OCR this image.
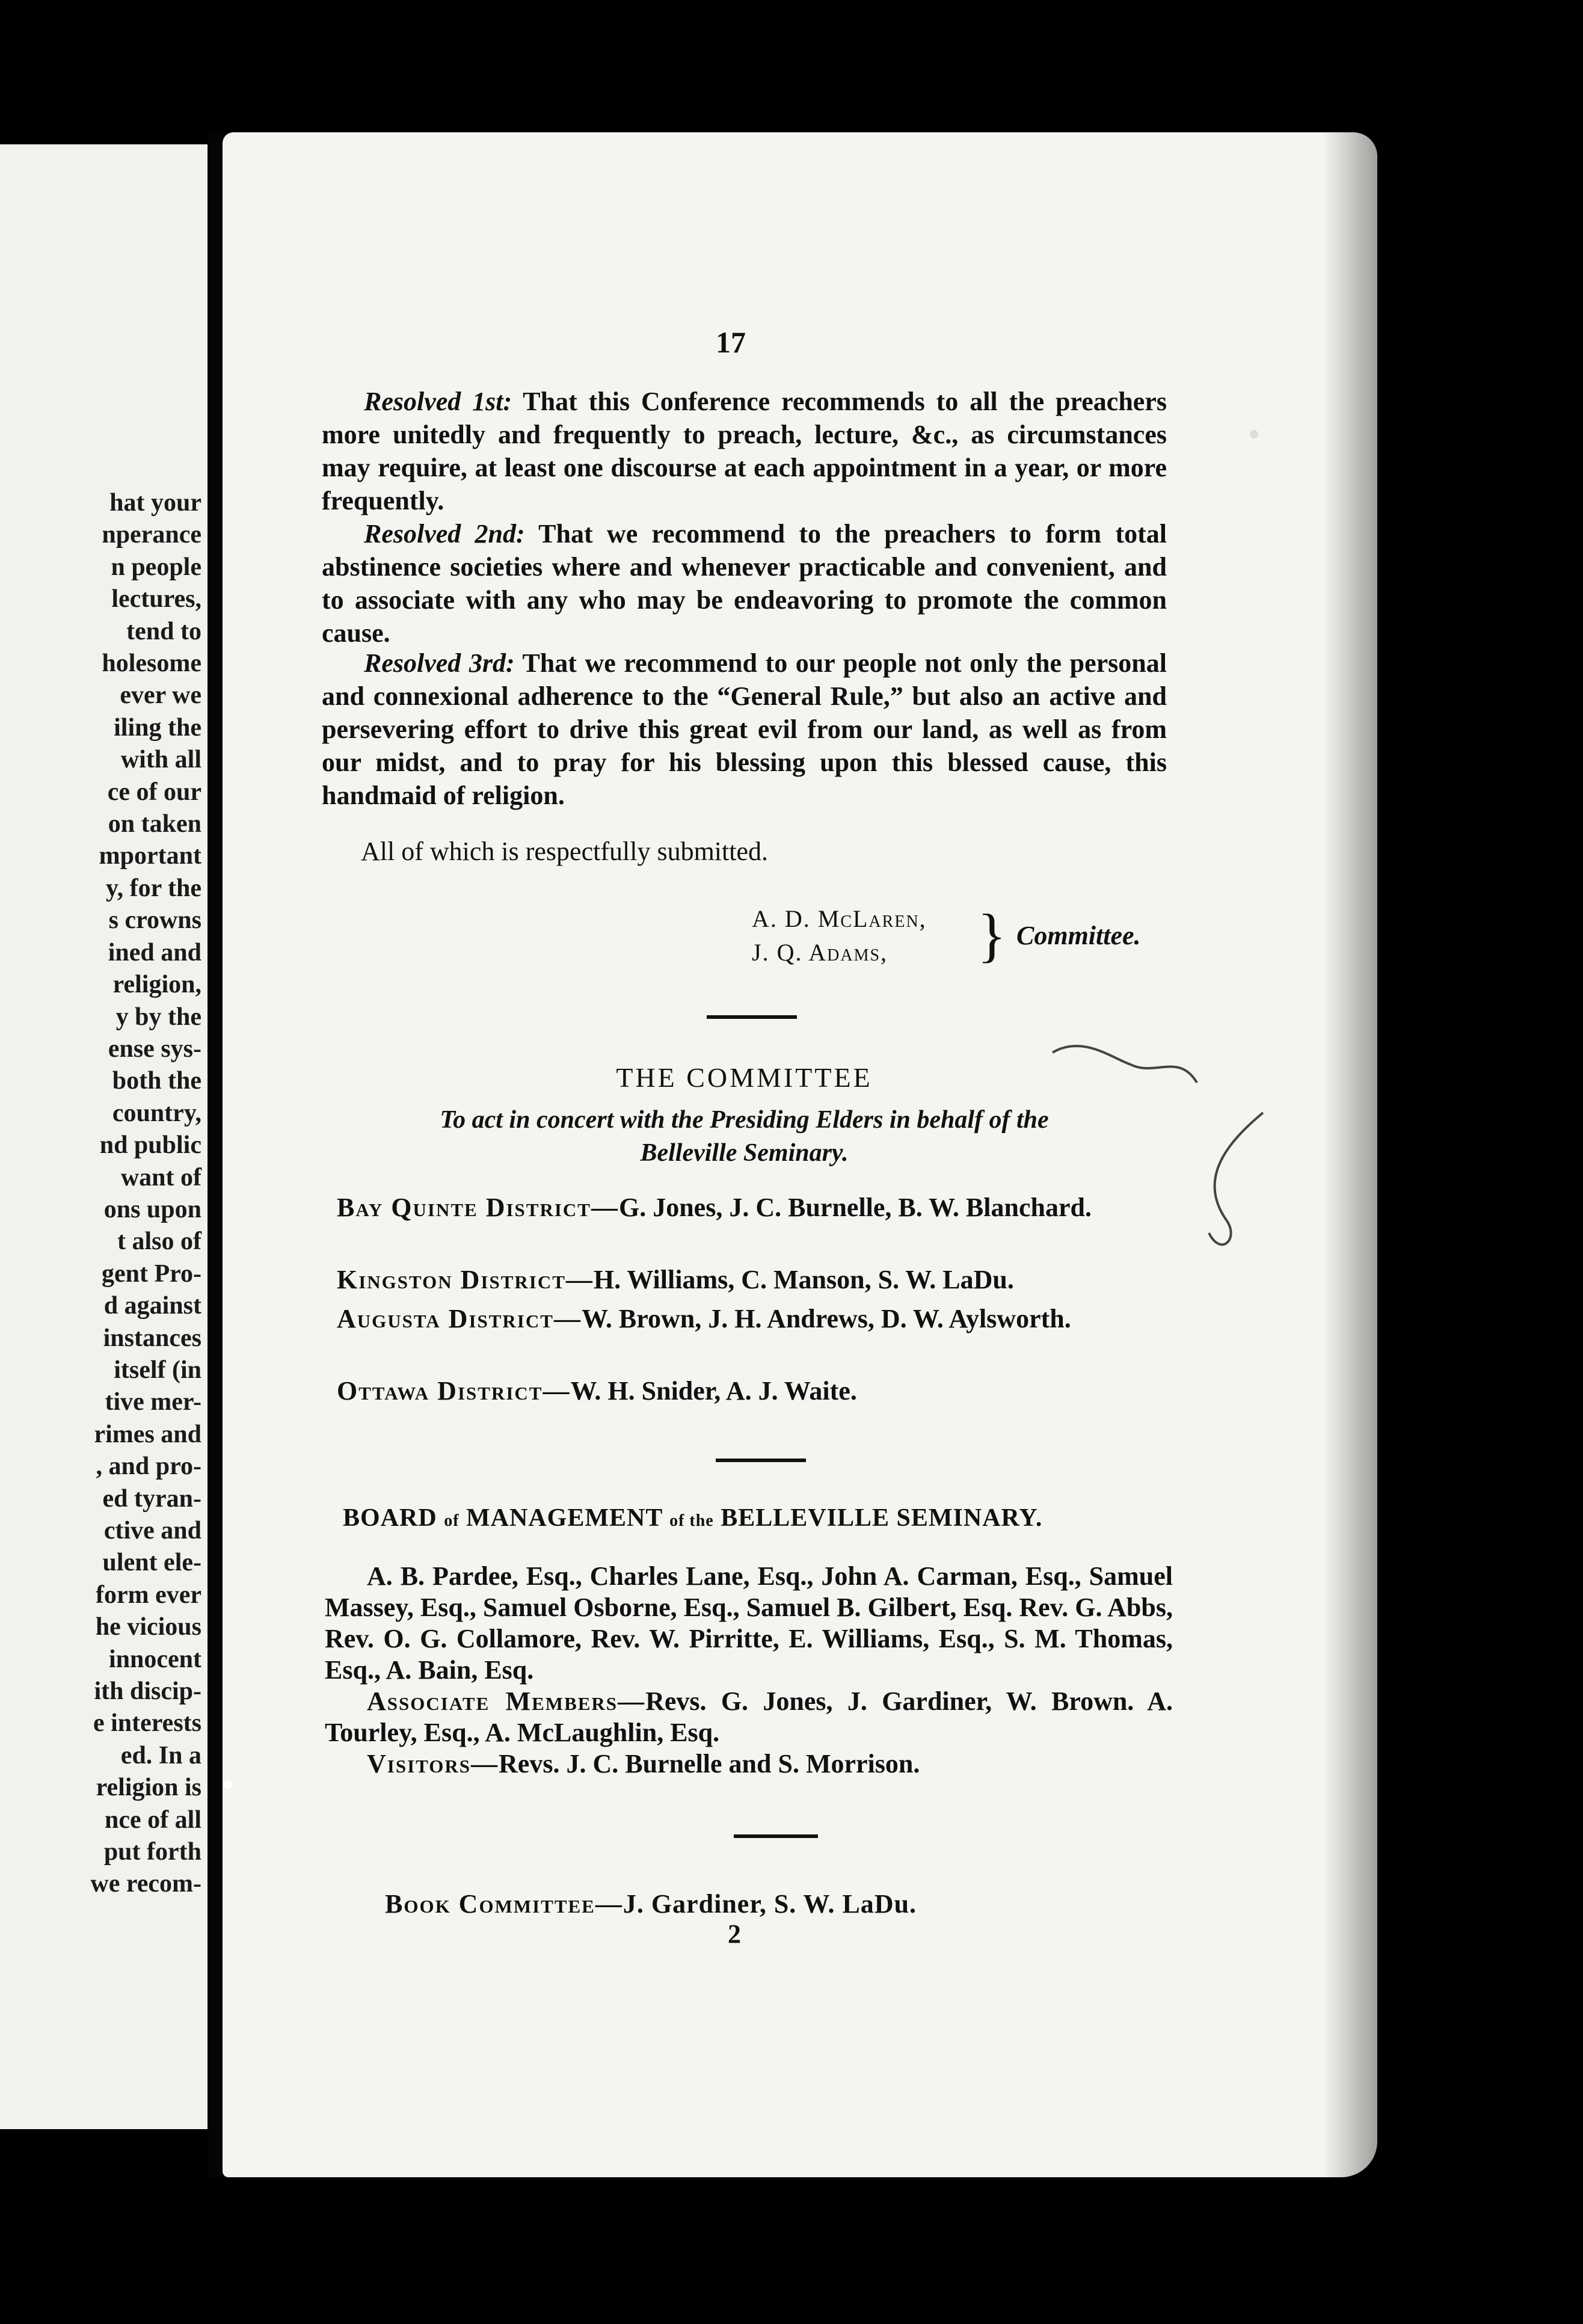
hat your
nperance
n people
lectures,
tend to
holesome
ever we
iling the
with all
ce of our
on taken
mportant
y, for the
s crowns
ined and
religion,
y by the
ense sys-
both the
country,
nd public
want of
ons upon
t also of
gent Pro-
d against
instances
itself (in
tive mer-
rimes and
, and pro-
ed tyran-
ctive and
ulent ele-
form ever
he vicious
innocent
ith discip-
e interests
ed. In a
religion is
nce of all
put forth
we recom-
17
Resolved 1st: That this Conference recommends to all the preachers more unitedly and frequently to preach, lecture, &c., as circumstances may require, at least one discourse at each appointment in a year, or more frequently.
Resolved 2nd: That we recommend to the preachers to form total abstinence societies where and whenever practicable and convenient, and to associate with any who may be endeavoring to promote the common cause.
Resolved 3rd: That we recommend to our people not only the personal and connexional adherence to the “General Rule,” but also an active and persevering effort to drive this great evil from our land, as well as from our midst, and to pray for his blessing upon this blessed cause, this handmaid of religion.
All of which is respectfully submitted.
A. D. McLaren,
J. Q. Adams,	} Committee.
THE COMMITTEE
To act in concert with the Presiding Elders in behalf of the
Belleville Seminary.
Bay Quinte District—G. Jones, J. C. Burnelle, B. W. Blanchard.
Kingston District—H. Williams, C. Manson, S. W. LaDu.
Augusta District—W. Brown, J. H. Andrews, D. W. Aylsworth.
Ottawa District—W. H. Snider, A. J. Waite.
BOARD of MANAGEMENT of the BELLEVILLE SEMINARY.
A. B. Pardee, Esq., Charles Lane, Esq., John A. Carman, Esq., Samuel Massey, Esq., Samuel Osborne, Esq., Samuel B. Gilbert, Esq. Rev. G. Abbs, Rev. O. G. Collamore, Rev. W. Pirritte, E. Williams, Esq., S. M. Thomas, Esq., A. Bain, Esq.
Associate Members—Revs. G. Jones, J. Gardiner, W. Brown. A. Tourley, Esq., A. McLaughlin, Esq.
Visitors—Revs. J. C. Burnelle and S. Morrison.
Book Committee—J. Gardiner, S. W. LaDu.
2
